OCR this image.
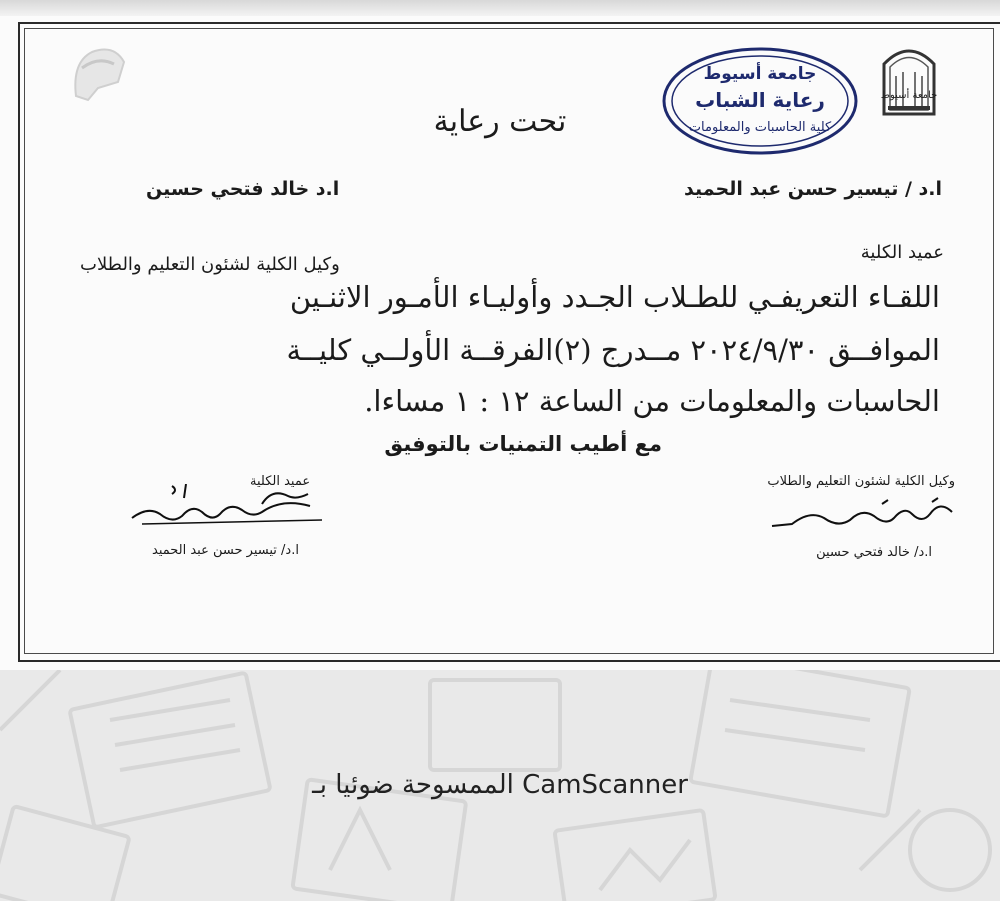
جامعة أسيوط
جامعة أسيوط
رعاية الشباب
كلية الحاسبات والمعلومات
تحت رعاية
ا.د / تيسير حسن عبد الحميد
ا.د خالد فتحي حسين
عميد الكلية
وكيل الكلية لشئون التعليم والطلاب
اللقـاء التعريفـي للطـلاب الجـدد وأوليـاء الأمـور الاثنـين
الموافــق ٢٠٢٤/٩/٣٠ مــدرج (٢)الفرقــة الأولــي كليــة
الحاسبات والمعلومات من الساعة ١٢ : ١ مساءا.
مع أطيب التمنيات بالتوفيق
وكيل الكلية لشئون التعليم والطلاب
عميد الكلية
ا.د/ تيسير حسن عبد الحميد	ا.د/ خالد فتحي حسين
الممسوحة ضوئيا بـ CamScanner
